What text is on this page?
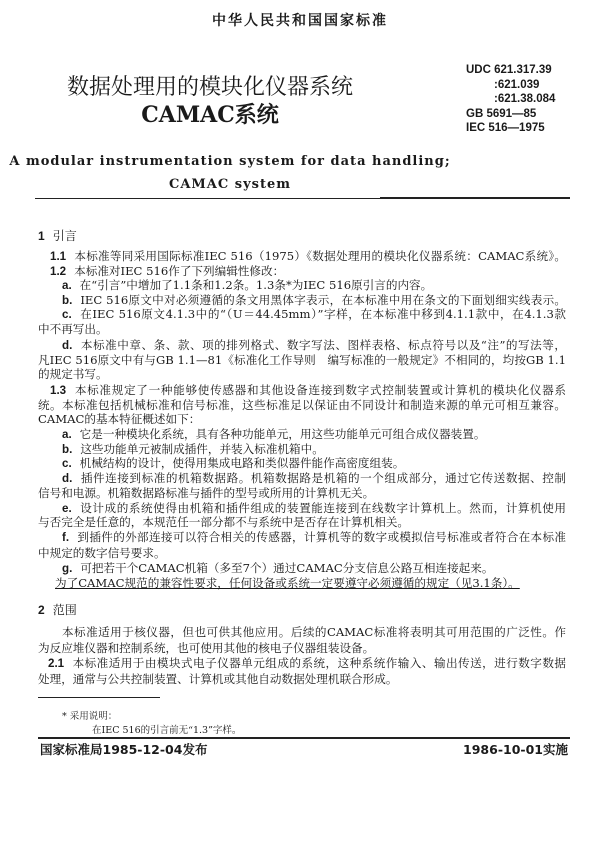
中华人民共和国国家标准
数据处理用的模块化仪器系统
CAMAC系统
UDC 621.317.39
:621.039
:621.38.084
GB 5691—85
IEC 516—1975
A modular instrumentation system for data handling;
CAMAC system
1 引言
1.1 本标准等同采用国际标准IEC 516（1975）《数据处理用的模块化仪器系统：CAMAC系统》。
1.2 本标准对IEC 516作了下列编辑性修改：
a. 在“引言”中增加了1.1条和1.2条。1.3条*为IEC 516原引言的内容。
b. IEC 516原文中对必须遵循的条文用黑体字表示，在本标准中用在条文的下面划细实线表示。
c. 在IEC 516原文4.1.3中的“（U＝44.45mm）”字样，在本标准中移到4.1.1款中，在4.1.3款
中不再写出。
d. 本标准中章、条、款、项的排列格式、数字写法、图样表格、标点符号以及“注”的写法等，
凡IEC 516原文中有与GB 1.1—81《标准化工作导则　编写标准的一般规定》不相同的，均按GB 1.1
的规定书写。
1.3 本标准规定了一种能够使传感器和其他设备连接到数字式控制装置或计算机的模块化仪器系
统。本标准包括机械标准和信号标准，这些标准足以保证由不同设计和制造来源的单元可相互兼容。
CAMAC的基本特征概述如下：
a. 它是一种模块化系统，具有各种功能单元，用这些功能单元可组合成仪器装置。
b. 这些功能单元被制成插件，并装入标准机箱中。
c. 机械结构的设计，使得用集成电路和类似器件能作高密度组装。
d. 插件连接到标准的机箱数据路。机箱数据路是机箱的一个组成部分，通过它传送数据、控制
信号和电源。机箱数据路标准与插件的型号或所用的计算机无关。
e. 设计成的系统使得由机箱和插件组成的装置能连接到在线数字计算机上。然而，计算机使用
与否完全是任意的，本规范任一部分都不与系统中是否存在计算机相关。
f. 到插件的外部连接可以符合相关的传感器，计算机等的数字或模拟信号标准或者符合在本标准
中规定的数字信号要求。
g. 可把若干个CAMAC机箱（多至7个）通过CAMAC分支信息公路互相连接起来。
为了CAMAC规范的兼容性要求，任何设备或系统一定要遵守必须遵循的规定（见3.1条）。
2 范围
本标准适用于核仪器，但也可供其他应用。后续的CAMAC标准将表明其可用范围的广泛性。作
为反应堆仪器和控制系统，也可使用其他的核电子仪器组装设备。
2.1 本标准适用于由模块式电子仪器单元组成的系统，这种系统作输入、输出传送，进行数字数据
处理，通常与公共控制装置、计算机或其他自动数据处理机联合形成。
* 采用说明：
在IEC 516的引言前无“1.3”字样。
国家标准局1985-12-04发布	1986-10-01实施
